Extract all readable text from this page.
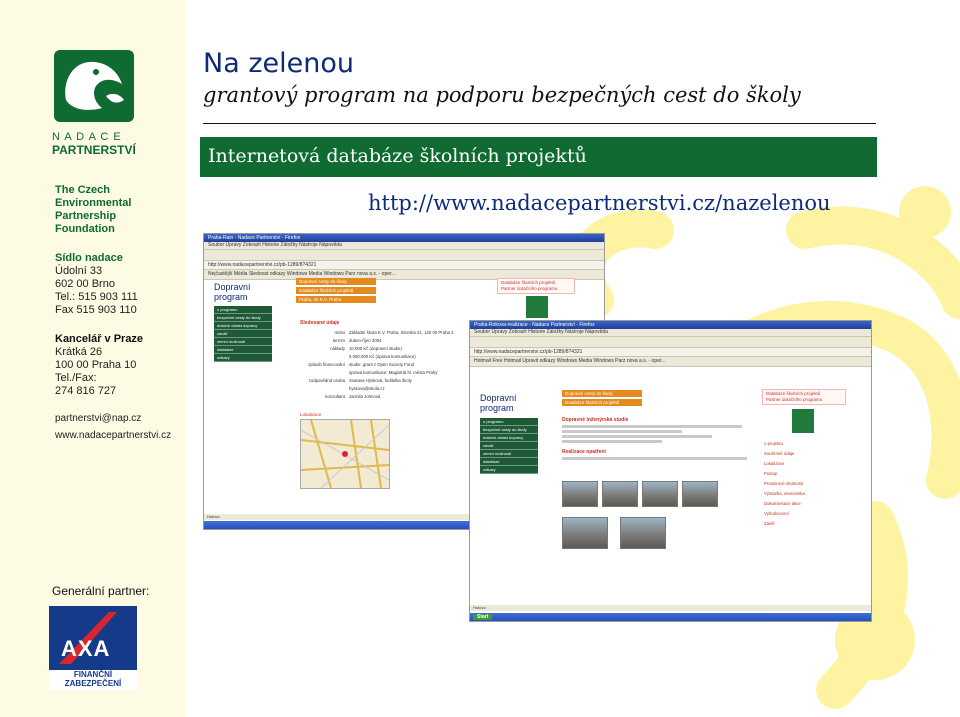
N A D A C E
PARTNERSTVÍ
The Czech
Environmental
Partnership
Foundation
Sídlo nadace
Údolní 33
602 00 Brno
Tel.: 515 903 111
Fax 515 903 110
Kancelář v Praze
Krátká 26
100 00 Praha 10
Tel./Fax:
274 816 727
partnerstvi@nap.cz
www.nadacepartnerstvi.cz
Na zelenou
grantový program na podporu bezpečných cest do školy
Internetová databáze školních projektů
http://www.nadacepartnerstvi.cz/nazelenou
Praha-Rain - Nadace Partnerství - Firefox
Soubor Úpravy Zobrazit Historie Záložky Nástroje Nápověda
http://www.nadacepartnerstvi.cz/pb-1289/8?4321
Nejčastější Média Sledovat odkazy Windows Media Windows Parz nova a.s. - oper...
Dopravní
program
o programu
bezpečné cesty do školy
dotační oblast dopravy
zaválí
zemní možnosti
databáze
odkazy
Dopravní cesty do školy
Databáze školních projektů
Praha, 25 K.V. Praha
Databáze školních projektů
Partner dotačního programu
Sledované údaje
místo Základní škola K.V. Praha, Slezská 21, 120 00 Praha 2
termín duben-říjen 2004
náklady 10.000 Kč (dopravní studie)
5.000.000 Kč (úprava komunikace)
způsob financování studie: grant z Open Society Fund
úprava komunikace: Magistrát hl. města Prahy
zodpovědná osoba Svatava Hýsková, ředitelka školy
hyskova@skola.cz
konzultant Jarmila Johnová
Lokalizace
Hotovo
Praha-Rokova-realizace - Nadace Partnerství - Firefox
Soubor Úpravy Zobrazit Historie Záložky Nástroje Nápověda
http://www.nadacepartnerstvi.cz/pb-1289/8?4321
Hotmail Free Hotmail Upravit odkazy Windows Media Windows Parz nova a.s. - oper...
Dopravní
program
o programu
bezpečné cesty do školy
dotační oblast dopravy
zaválí
zemní možnosti
databáze
odkazy
Dopravní cesty do školy
Databáze školních projektů
Databáze školních projektů
Partner dotačního programu
o projektu
Souhrnné údaje
Lokalizace
Postup
Prostorové okolnosti
Výstavba, ekonomika
Dokumentace akce
Vyhodnocení
Závěr
Dopravně inženýrská studie
Realizace opatření
Hotovo
Start
Generální partner:
AXA
FINANČNÍ
ZABEZPEČENÍ
